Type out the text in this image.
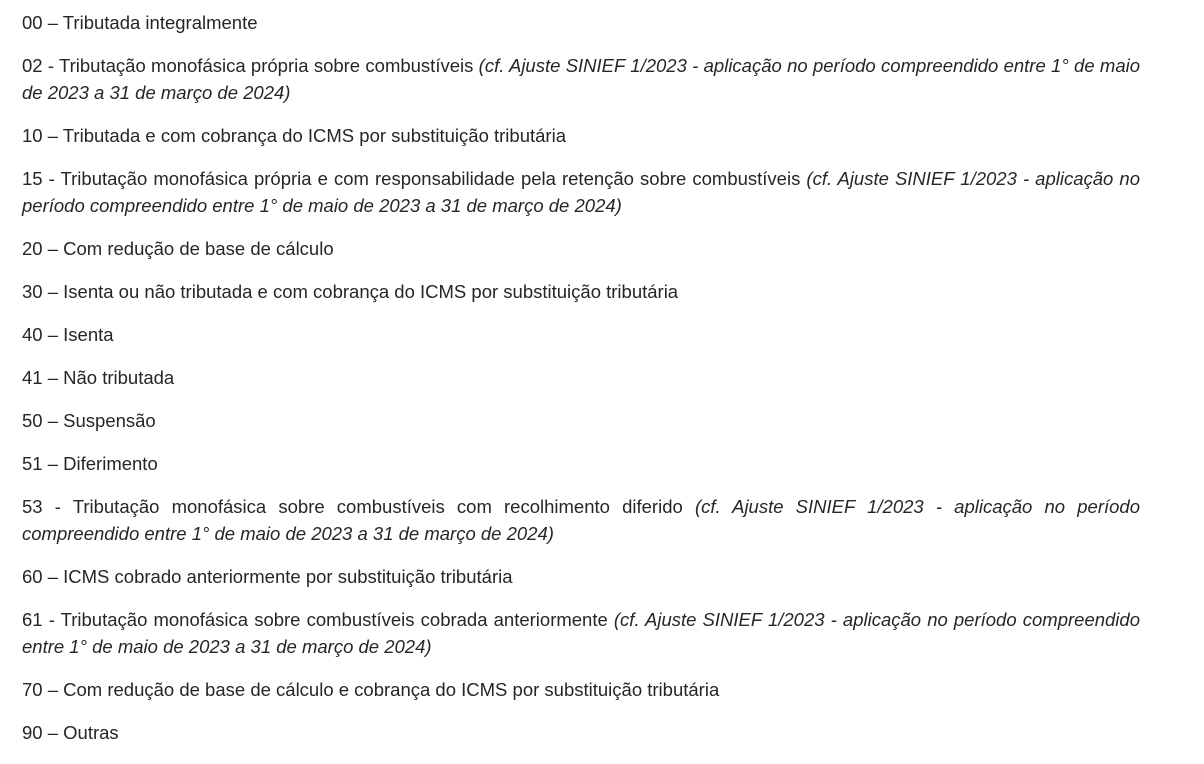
00 – Tributada integralmente

02 - Tributação monofásica própria sobre combustíveis (cf. Ajuste SINIEF 1/2023 - aplicação no período compreendido entre 1° de maio de 2023 a 31 de março de 2024)

10 – Tributada e com cobrança do ICMS por substituição tributária

15 - Tributação monofásica própria e com responsabilidade pela retenção sobre combustíveis (cf. Ajuste SINIEF 1/2023 - aplicação no período compreendido entre 1° de maio de 2023 a 31 de março de 2024)

20 – Com redução de base de cálculo

30 – Isenta ou não tributada e com cobrança do ICMS por substituição tributária

40 – Isenta

41 – Não tributada

50 – Suspensão

51 – Diferimento

53 - Tributação monofásica sobre combustíveis com recolhimento diferido (cf. Ajuste SINIEF 1/2023 - aplicação no período compreendido entre 1° de maio de 2023 a 31 de março de 2024)

60 – ICMS cobrado anteriormente por substituição tributária

61 - Tributação monofásica sobre combustíveis cobrada anteriormente (cf. Ajuste SINIEF 1/2023 - aplicação no período compreendido entre 1° de maio de 2023 a 31 de março de 2024)

70 – Com redução de base de cálculo e cobrança do ICMS por substituição tributária

90 – Outras
